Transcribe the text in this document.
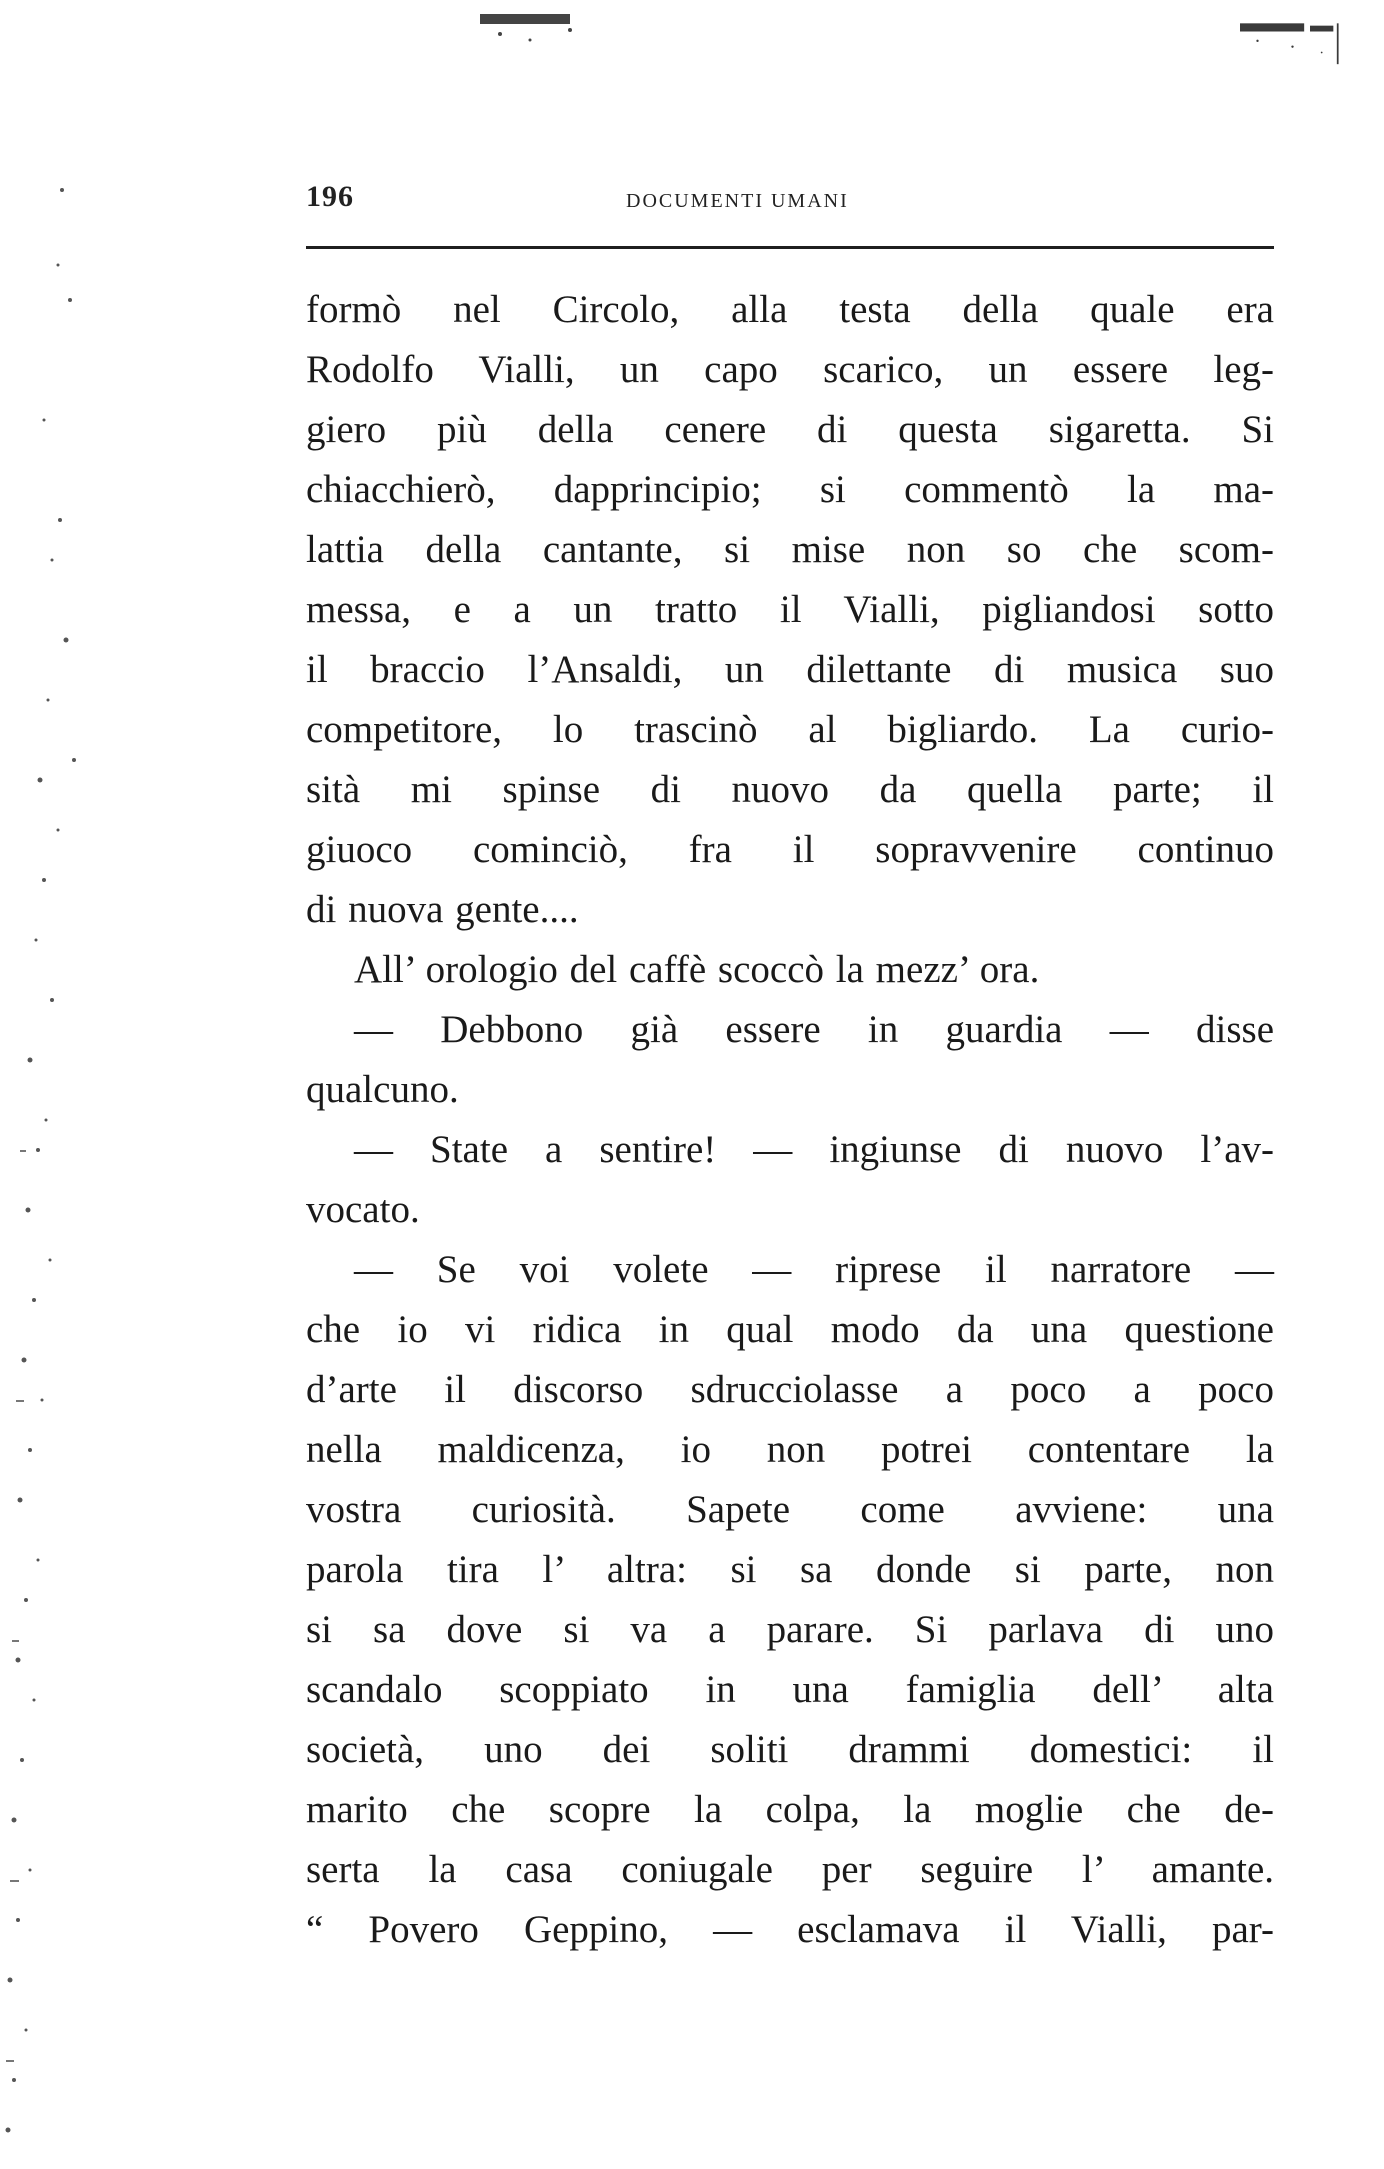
196	DOCUMENTI UMANI
formò nel Circolo, alla testa della quale era
Rodolfo Vialli, un capo scarico, un essere leg-
giero più della cenere di questa sigaretta. Si
chiacchierò, dapprincipio; si commentò la ma-
lattia della cantante, si mise non so che scom-
messa, e a un tratto il Vialli, pigliandosi sotto
il braccio l’Ansaldi, un dilettante di musica suo
competitore, lo trascinò al bigliardo. La curio-
sità mi spinse di nuovo da quella parte; il
giuoco cominciò, fra il sopravvenire continuo
di nuova gente....
All’ orologio del caffè scoccò la mezz’ ora.
— Debbono già essere in guardia — disse
qualcuno.
— State a sentire! — ingiunse di nuovo l’av-
vocato.
— Se voi volete — riprese il narratore —
che io vi ridica in qual modo da una questione
d’arte il discorso sdrucciolasse a poco a poco
nella maldicenza, io non potrei contentare la
vostra curiosità. Sapete come avviene: una
parola tira l’ altra: si sa donde si parte, non
si sa dove si va a parare. Si parlava di uno
scandalo scoppiato in una famiglia dell’ alta
società, uno dei soliti drammi domestici: il
marito che scopre la colpa, la moglie che de-
serta la casa coniugale per seguire l’ amante.
“ Povero Geppino, — esclamava il Vialli, par-
